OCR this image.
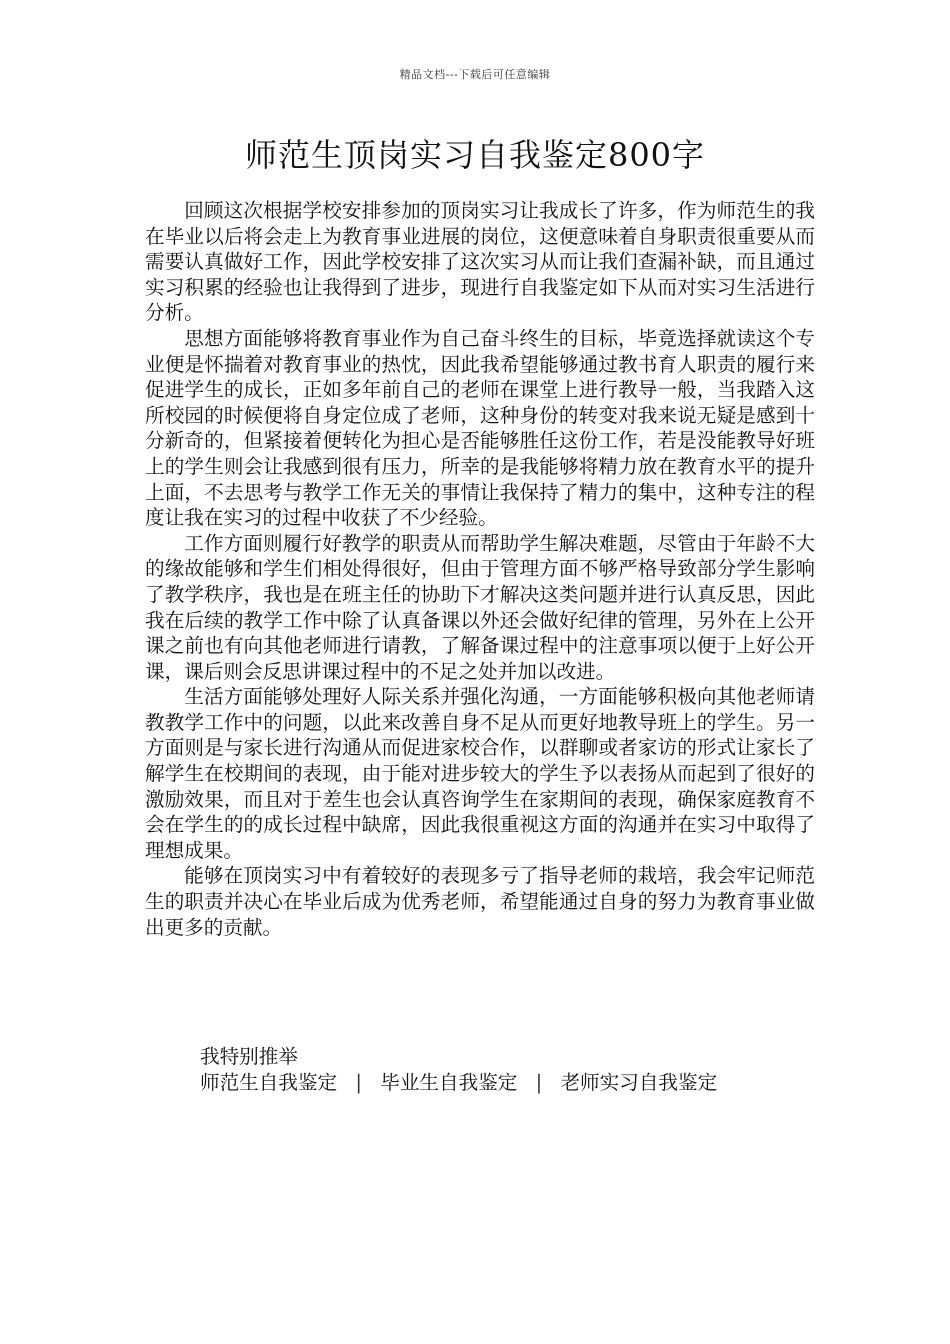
精品文档---下载后可任意编辑
师范生顶岗实习自我鉴定800字

回顾这次根据学校安排参加的顶岗实习让我成长了许多，作为师范生的我在毕业以后将会走上为教育事业进展的岗位，这便意味着自身职责很重要从而需要认真做好工作，因此学校安排了这次实习从而让我们查漏补缺，而且通过实习积累的经验也让我得到了进步，现进行自我鉴定如下从而对实习生活进行分析。

思想方面能够将教育事业作为自己奋斗终生的目标，毕竟选择就读这个专业便是怀揣着对教育事业的热忱，因此我希望能够通过教书育人职责的履行来促进学生的成长，正如多年前自己的老师在课堂上进行教导一般，当我踏入这所校园的时候便将自身定位成了老师，这种身份的转变对我来说无疑是感到十分新奇的，但紧接着便转化为担心是否能够胜任这份工作，若是没能教导好班上的学生则会让我感到很有压力，所幸的是我能够将精力放在教育水平的提升上面，不去思考与教学工作无关的事情让我保持了精力的集中，这种专注的程度让我在实习的过程中收获了不少经验。

工作方面则履行好教学的职责从而帮助学生解决难题，尽管由于年龄不大的缘故能够和学生们相处得很好，但由于管理方面不够严格导致部分学生影响了教学秩序，我也是在班主任的协助下才解决这类问题并进行认真反思，因此我在后续的教学工作中除了认真备课以外还会做好纪律的管理，另外在上公开课之前也有向其他老师进行请教，了解备课过程中的注意事项以便于上好公开课，课后则会反思讲课过程中的不足之处并加以改进。

生活方面能够处理好人际关系并强化沟通，一方面能够积极向其他老师请教教学工作中的问题，以此来改善自身不足从而更好地教导班上的学生。另一方面则是与家长进行沟通从而促进家校合作，以群聊或者家访的形式让家长了解学生在校期间的表现，由于能对进步较大的学生予以表扬从而起到了很好的激励效果，而且对于差生也会认真咨询学生在家期间的表现，确保家庭教育不会在学生的的成长过程中缺席，因此我很重视这方面的沟通并在实习中取得了理想成果。

能够在顶岗实习中有着较好的表现多亏了指导老师的栽培，我会牢记师范生的职责并决心在毕业后成为优秀老师，希望能通过自身的努力为教育事业做出更多的贡献。

我特别推举
师范生自我鉴定 | 毕业生自我鉴定 | 老师实习自我鉴定
